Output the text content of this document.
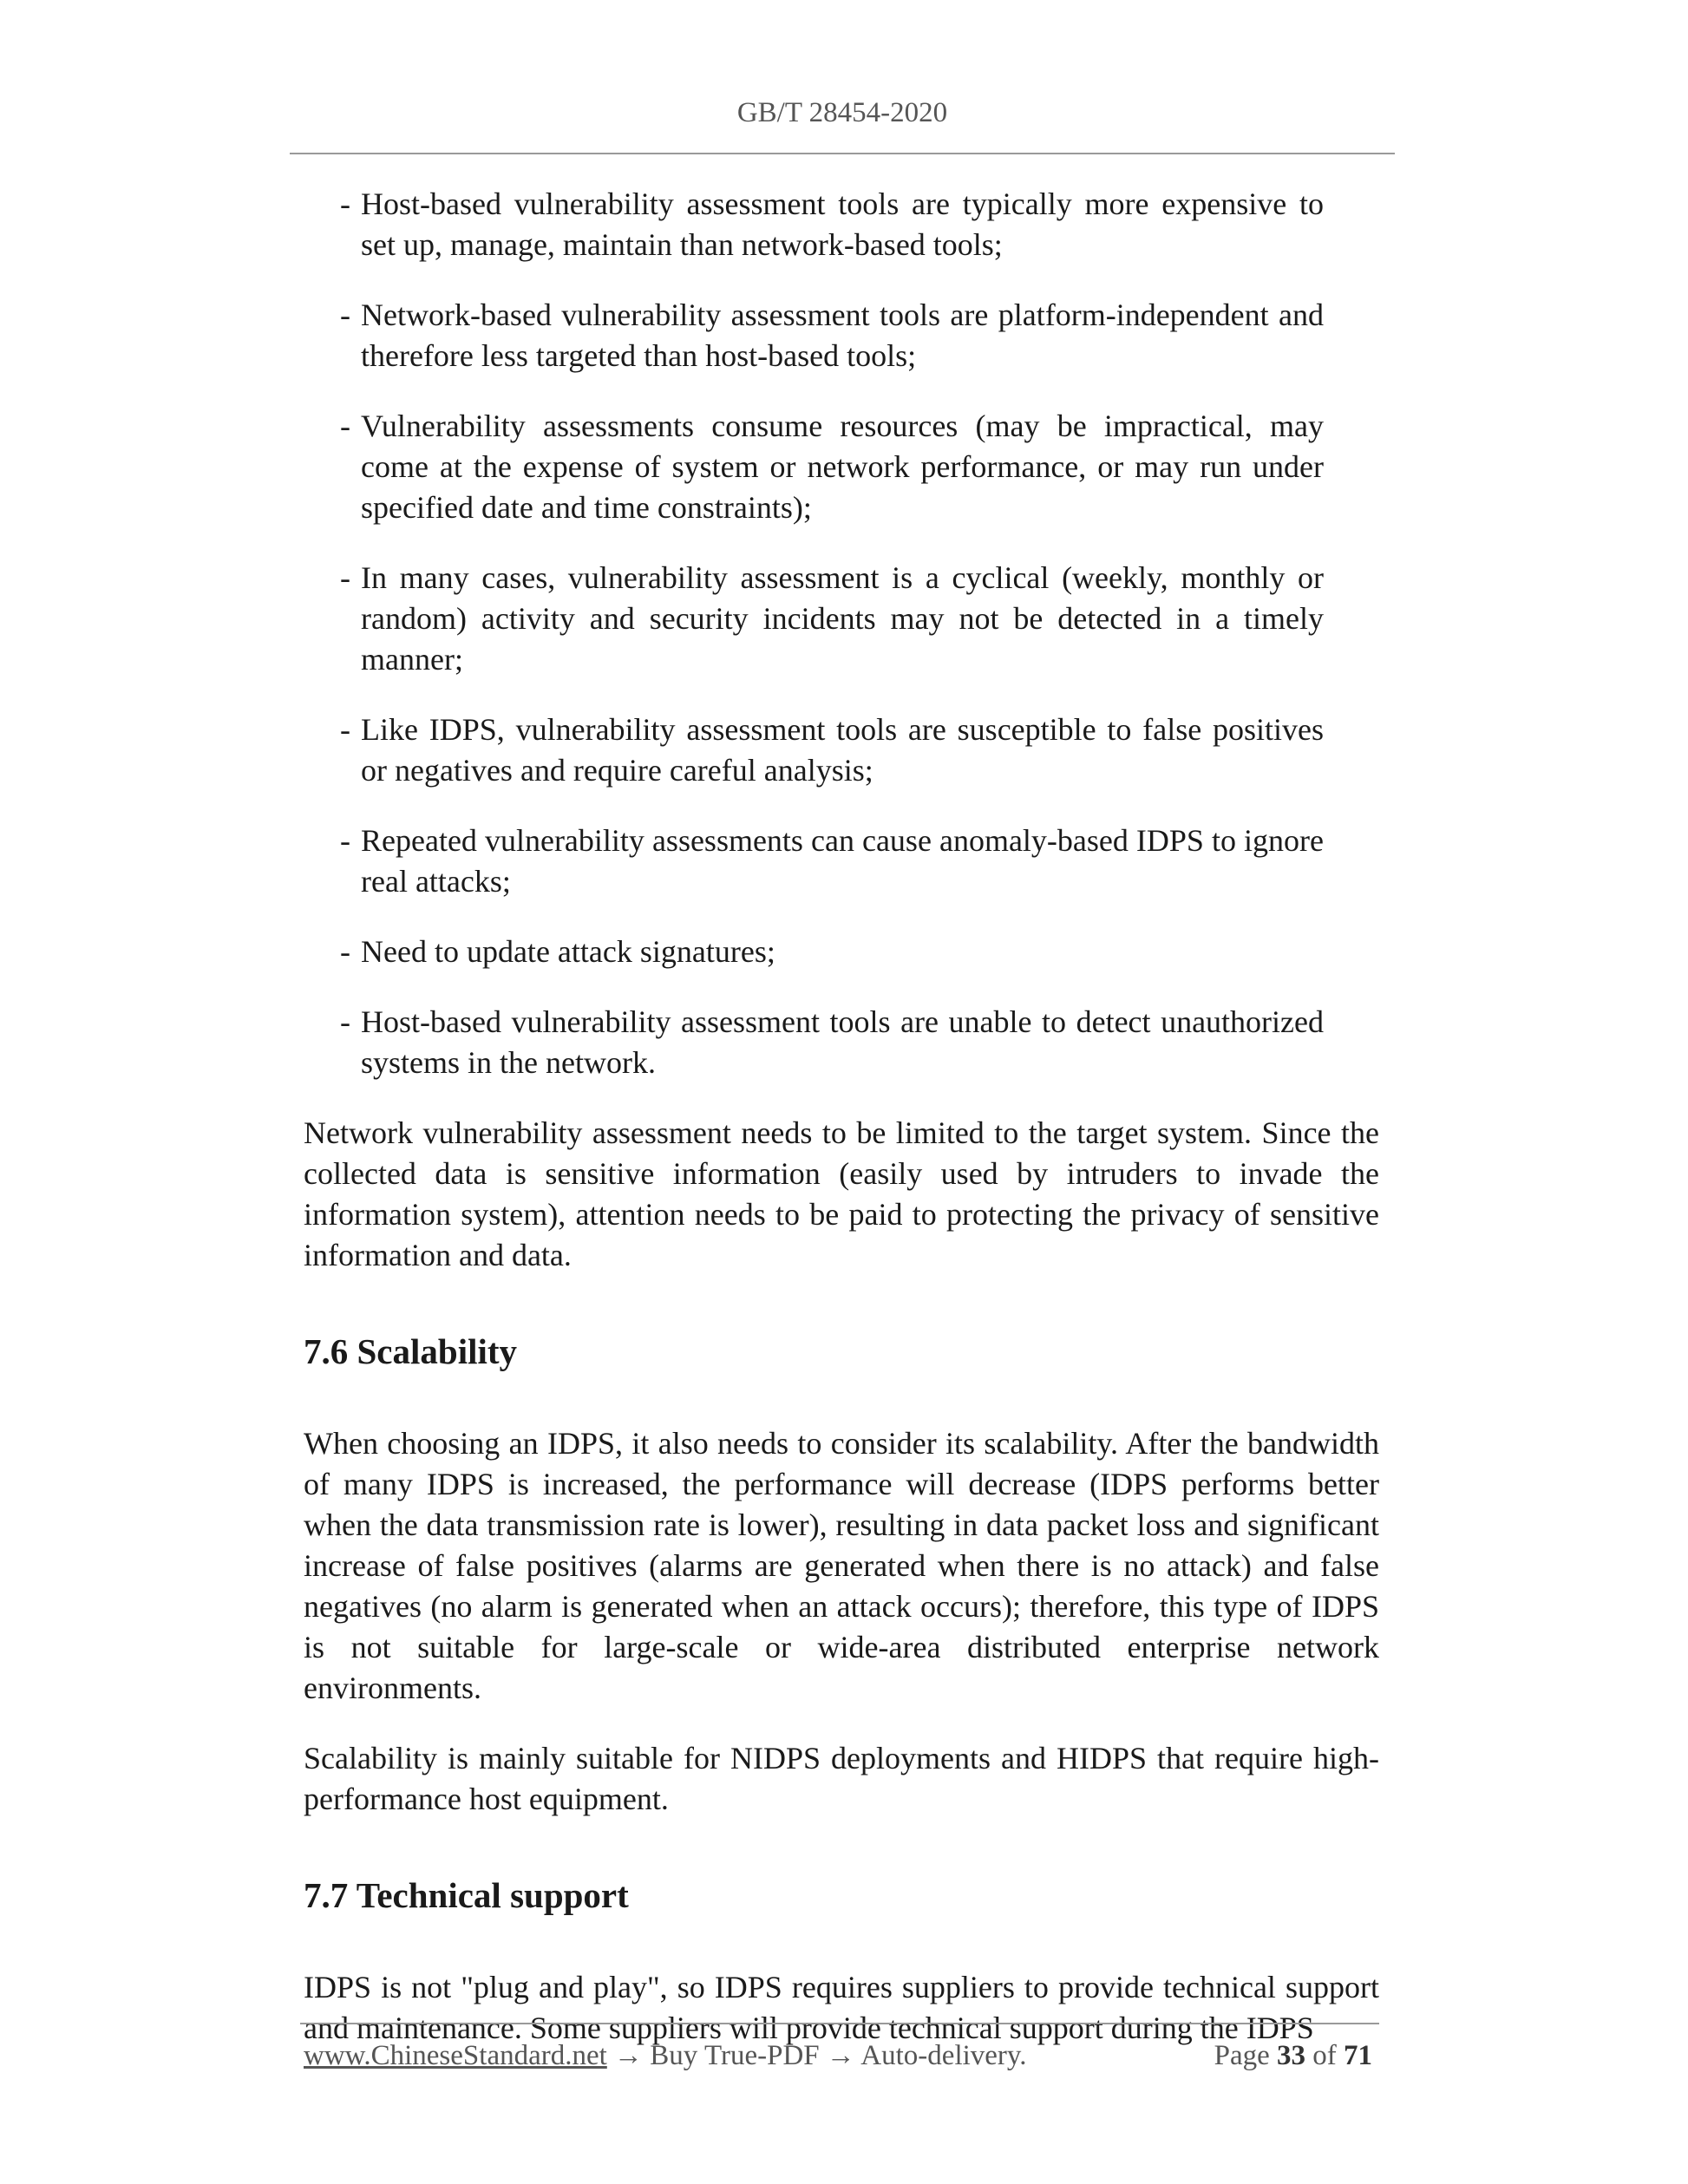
GB/T 28454-2020
- Host-based vulnerability assessment tools are typically more expensive to set up, manage, maintain than network-based tools;
- Network-based vulnerability assessment tools are platform-independent and therefore less targeted than host-based tools;
- Vulnerability assessments consume resources (may be impractical, may come at the expense of system or network performance, or may run under specified date and time constraints);
- In many cases, vulnerability assessment is a cyclical (weekly, monthly or random) activity and security incidents may not be detected in a timely manner;
- Like IDPS, vulnerability assessment tools are susceptible to false positives or negatives and require careful analysis;
- Repeated vulnerability assessments can cause anomaly-based IDPS to ignore real attacks;
- Need to update attack signatures;
- Host-based vulnerability assessment tools are unable to detect unauthorized systems in the network.

Network vulnerability assessment needs to be limited to the target system. Since the collected data is sensitive information (easily used by intruders to invade the information system), attention needs to be paid to protecting the privacy of sensitive information and data.

7.6 Scalability

When choosing an IDPS, it also needs to consider its scalability. After the bandwidth of many IDPS is increased, the performance will decrease (IDPS performs better when the data transmission rate is lower), resulting in data packet loss and significant increase of false positives (alarms are generated when there is no attack) and false negatives (no alarm is generated when an attack occurs); therefore, this type of IDPS is not suitable for large-scale or wide-area distributed enterprise network environments.

Scalability is mainly suitable for NIDPS deployments and HIDPS that require high-performance host equipment.

7.7 Technical support

IDPS is not "plug and play", so IDPS requires suppliers to provide technical support and maintenance. Some suppliers will provide technical support during the IDPS

www.ChineseStandard.net → Buy True-PDF → Auto-delivery.	Page 33 of 71
